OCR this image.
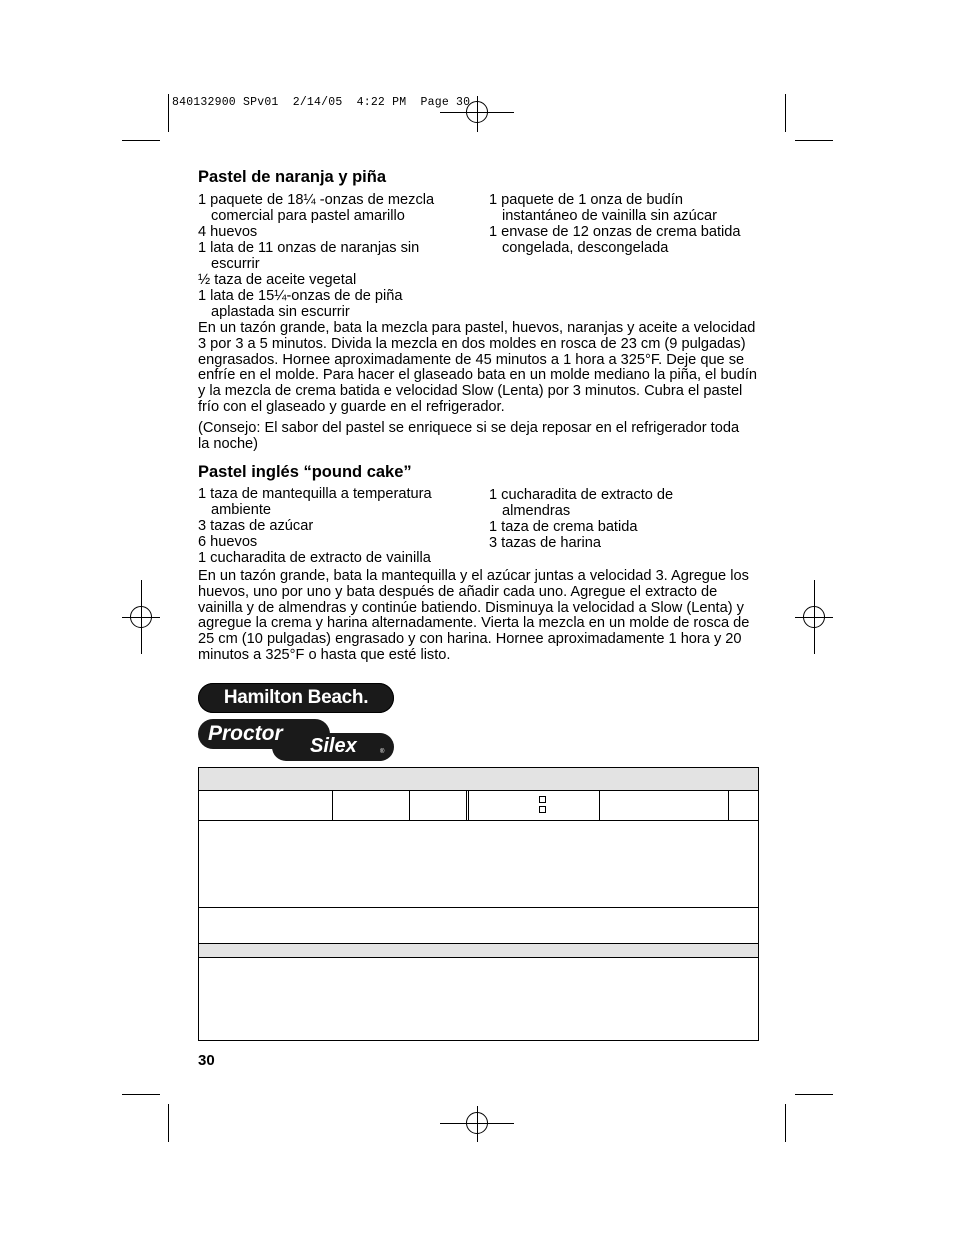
840132900 SPv01  2/14/05  4:22 PM  Page 30
Pastel de naranja y piña
1 paquete de 18¼ -onzas de mezcla comercial para pastel amarillo
4 huevos
1 lata de 11 onzas de naranjas sin escurrir
½ taza de aceite vegetal
1 lata de 15¼-onzas de de piña aplastada sin escurrir
1 paquete de 1 onza de budín instantáneo de vainilla sin azúcar
1 envase de 12 onzas de crema batida congelada, descongelada

En un tazón grande, bata la mezcla para pastel, huevos, naranjas y aceite a velocidad 3 por 3 a 5 minutos. Divida la mezcla en dos moldes en rosca de 23 cm (9 pulgadas) engrasados. Hornee aproximadamente de 45 minutos a 1 hora a 325°F. Deje que se enfríe en el molde. Para hacer el glaseado bata en un molde mediano la piña, el budín y la mezcla de crema batida e velocidad Slow (Lenta) por 3 minutos. Cubra el pastel frío con el glaseado y guarde en el refrigerador.

(Consejo: El sabor del pastel se enriquece si se deja reposar en el refrigerador toda la noche)

Pastel inglés “pound cake”
1 taza de mantequilla a temperatura ambiente
3 tazas de azúcar
6 huevos
1 cucharadita de extracto de vainilla
1 cucharadita de extracto de almendras
1 taza de crema batida
3 tazas de harina

En un tazón grande, bata la mantequilla y el azúcar juntas a velocidad 3. Agregue los huevos, uno por uno y bata después de añadir cada uno. Agregue el extracto de vainilla y de almendras y continúe batiendo. Disminuya la velocidad a Slow (Lenta) y agregue la crema y harina alternadamente. Vierta la mezcla en un molde de rosca de 25 cm (10 pulgadas) engrasado y con harina. Hornee aproximadamente 1 hora y 20 minutos a 325°F o hasta que esté listo.

Hamilton Beach.
Proctor
Silex	®

30
